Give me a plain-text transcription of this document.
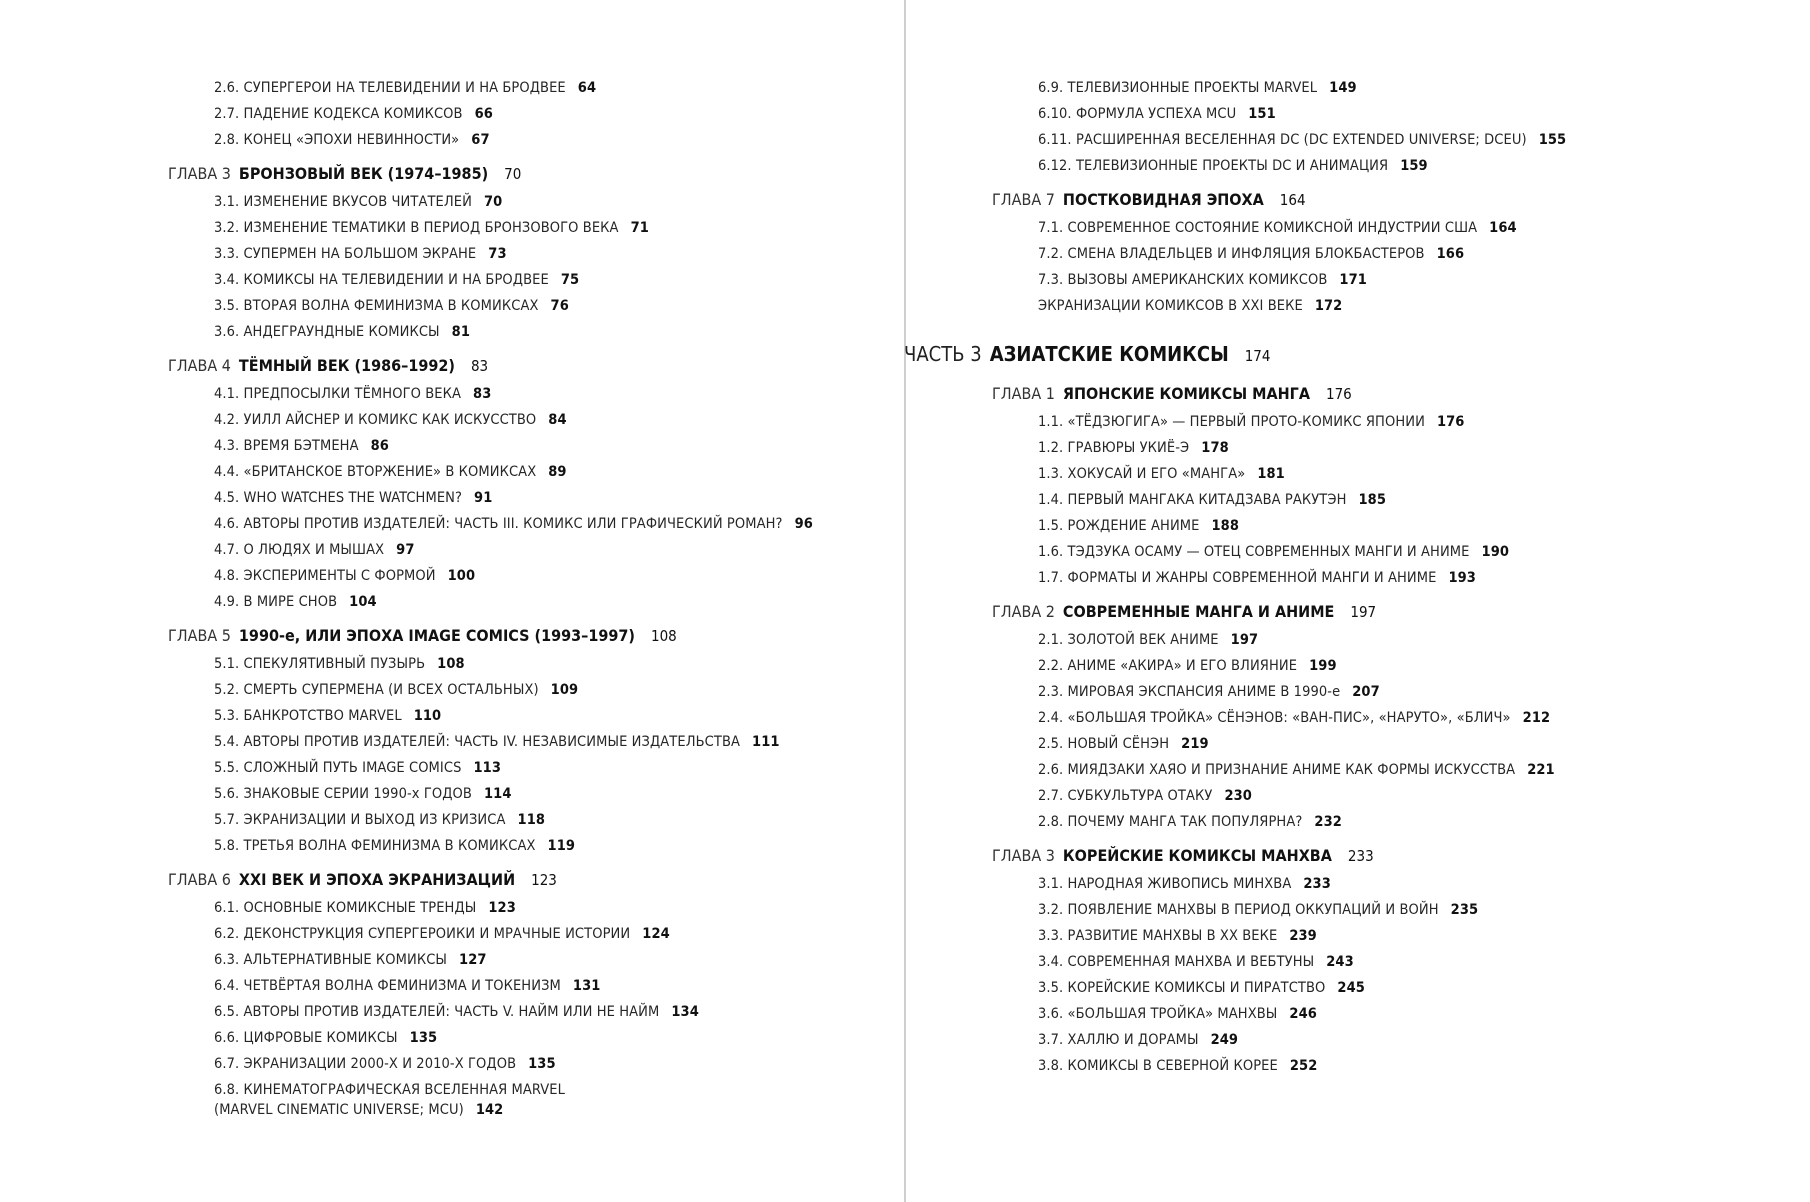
2.6. СУПЕРГЕРОИ НА ТЕЛЕВИДЕНИИ И НА БРОДВЕЕ 64
2.7. ПАДЕНИЕ КОДЕКСА КОМИКСОВ 66
2.8. КОНЕЦ «ЭПОХИ НЕВИННОСТИ» 67
ГЛАВА 3 БРОНЗОВЫЙ ВЕК (1974–1985) 70
3.1. ИЗМЕНЕНИЕ ВКУСОВ ЧИТАТЕЛЕЙ 70
3.2. ИЗМЕНЕНИЕ ТЕМАТИКИ В ПЕРИОД БРОНЗОВОГО ВЕКА 71
3.3. СУПЕРМЕН НА БОЛЬШОМ ЭКРАНЕ 73
3.4. КОМИКСЫ НА ТЕЛЕВИДЕНИИ И НА БРОДВЕЕ 75
3.5. ВТОРАЯ ВОЛНА ФЕМИНИЗМА В КОМИКСАХ 76
3.6. АНДЕГРАУНДНЫЕ КОМИКСЫ 81
ГЛАВА 4 ТЁМНЫЙ ВЕК (1986–1992) 83
4.1. ПРЕДПОСЫЛКИ ТЁМНОГО ВЕКА 83
4.2. УИЛЛ АЙСНЕР И КОМИКС КАК ИСКУССТВО 84
4.3. ВРЕМЯ БЭТМЕНА 86
4.4. «БРИТАНСКОЕ ВТОРЖЕНИЕ» В КОМИКСАХ 89
4.5. WHO WATCHES THE WATCHMEN? 91
4.6. АВТОРЫ ПРОТИВ ИЗДАТЕЛЕЙ: ЧАСТЬ III. КОМИКС ИЛИ ГРАФИЧЕСКИЙ РОМАН? 96
4.7. О ЛЮДЯХ И МЫШАХ 97
4.8. ЭКСПЕРИМЕНТЫ С ФОРМОЙ 100
4.9. В МИРЕ СНОВ 104
ГЛАВА 5 1990-е, ИЛИ ЭПОХА IMAGE COMICS (1993–1997) 108
5.1. СПЕКУЛЯТИВНЫЙ ПУЗЫРЬ 108
5.2. СМЕРТЬ СУПЕРМЕНА (И ВСЕХ ОСТАЛЬНЫХ) 109
5.3. БАНКРОТСТВО MARVEL 110
5.4. АВТОРЫ ПРОТИВ ИЗДАТЕЛЕЙ: ЧАСТЬ IV. НЕЗАВИСИМЫЕ ИЗДАТЕЛЬСТВА 111
5.5. СЛОЖНЫЙ ПУТЬ IMAGE COMICS 113
5.6. ЗНАКОВЫЕ СЕРИИ 1990-х ГОДОВ 114
5.7. ЭКРАНИЗАЦИИ И ВЫХОД ИЗ КРИЗИСА 118
5.8. ТРЕТЬЯ ВОЛНА ФЕМИНИЗМА В КОМИКСАХ 119
ГЛАВА 6 XXI ВЕК И ЭПОХА ЭКРАНИЗАЦИЙ 123
6.1. ОСНОВНЫЕ КОМИКСНЫЕ ТРЕНДЫ 123
6.2. ДЕКОНСТРУКЦИЯ СУПЕРГЕРОИКИ И МРАЧНЫЕ ИСТОРИИ 124
6.3. АЛЬТЕРНАТИВНЫЕ КОМИКСЫ 127
6.4. ЧЕТВЁРТАЯ ВОЛНА ФЕМИНИЗМА И ТОКЕНИЗМ 131
6.5. АВТОРЫ ПРОТИВ ИЗДАТЕЛЕЙ: ЧАСТЬ V. НАЙМ ИЛИ НЕ НАЙМ 134
6.6. ЦИФРОВЫЕ КОМИКСЫ 135
6.7. ЭКРАНИЗАЦИИ 2000-Х И 2010-Х ГОДОВ 135
6.8. КИНЕМАТОГРАФИЧЕСКАЯ ВСЕЛЕННАЯ MARVEL
(MARVEL CINEMATIC UNIVERSE; MCU) 142
6.9. ТЕЛЕВИЗИОННЫЕ ПРОЕКТЫ MARVEL 149
6.10. ФОРМУЛА УСПЕХА MCU 151
6.11. РАСШИРЕННАЯ ВЕСЕЛЕННАЯ DC (DC EXTENDED UNIVERSE; DCEU) 155
6.12. ТЕЛЕВИЗИОННЫЕ ПРОЕКТЫ DC И АНИМАЦИЯ 159
ГЛАВА 7 ПОСТКОВИДНАЯ ЭПОХА 164
7.1. СОВРЕМЕННОЕ СОСТОЯНИЕ КОМИКСНОЙ ИНДУСТРИИ США 164
7.2. СМЕНА ВЛАДЕЛЬЦЕВ И ИНФЛЯЦИЯ БЛОКБАСТЕРОВ 166
7.3. ВЫЗОВЫ АМЕРИКАНСКИХ КОМИКСОВ 171
ЭКРАНИЗАЦИИ КОМИКСОВ В XXI ВЕКЕ 172
ЧАСТЬ 3 АЗИАТСКИЕ КОМИКСЫ 174
ГЛАВА 1 ЯПОНСКИЕ КОМИКСЫ МАНГА 176
1.1. «ТЁДЗЮГИГА» — ПЕРВЫЙ ПРОТО-КОМИКС ЯПОНИИ 176
1.2. ГРАВЮРЫ УКИЁ-Э 178
1.3. ХОКУСАЙ И ЕГО «МАНГА» 181
1.4. ПЕРВЫЙ МАНГАКА КИТАДЗАВА РАКУТЭН 185
1.5. РОЖДЕНИЕ АНИМЕ 188
1.6. ТЭДЗУКА ОСАМУ — ОТЕЦ СОВРЕМЕННЫХ МАНГИ И АНИМЕ 190
1.7. ФОРМАТЫ И ЖАНРЫ СОВРЕМЕННОЙ МАНГИ И АНИМЕ 193
ГЛАВА 2 СОВРЕМЕННЫЕ МАНГА И АНИМЕ 197
2.1. ЗОЛОТОЙ ВЕК АНИМЕ 197
2.2. АНИМЕ «АКИРА» И ЕГО ВЛИЯНИЕ 199
2.3. МИРОВАЯ ЭКСПАНСИЯ АНИМЕ В 1990-е 207
2.4. «БОЛЬШАЯ ТРОЙКА» СЁНЭНОВ: «ВАН-ПИС», «НАРУТО», «БЛИЧ» 212
2.5. НОВЫЙ СЁНЭН 219
2.6. МИЯДЗАКИ ХАЯО И ПРИЗНАНИЕ АНИМЕ КАК ФОРМЫ ИСКУССТВА 221
2.7. СУБКУЛЬТУРА ОТАКУ 230
2.8. ПОЧЕМУ МАНГА ТАК ПОПУЛЯРНА? 232
ГЛАВА 3 КОРЕЙСКИЕ КОМИКСЫ МАНХВА 233
3.1. НАРОДНАЯ ЖИВОПИСЬ МИНХВА 233
3.2. ПОЯВЛЕНИЕ МАНХВЫ В ПЕРИОД ОККУПАЦИЙ И ВОЙН 235
3.3. РАЗВИТИЕ МАНХВЫ В XX ВЕКЕ 239
3.4. СОВРЕМЕННАЯ МАНХВА И ВЕБТУНЫ 243
3.5. КОРЕЙСКИЕ КОМИКСЫ И ПИРАТСТВО 245
3.6. «БОЛЬШАЯ ТРОЙКА» МАНХВЫ 246
3.7. ХАЛЛЮ И ДОРАМЫ 249
3.8. КОМИКСЫ В СЕВЕРНОЙ КОРЕЕ 252
